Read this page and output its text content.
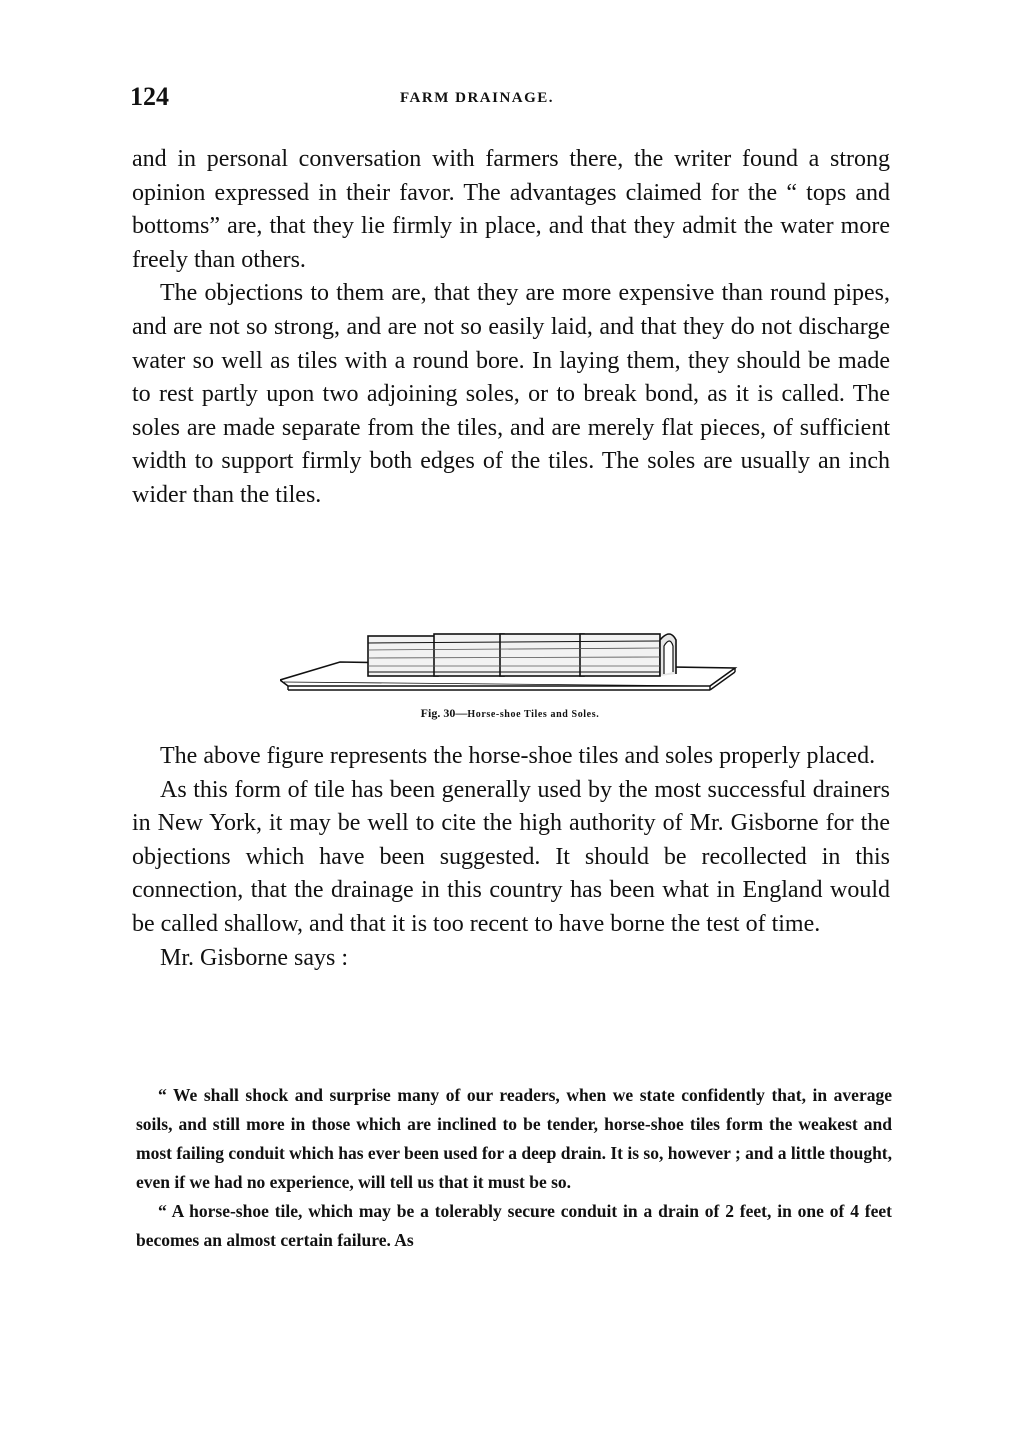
124	FARM DRAINAGE.

and in personal conversation with farmers there, the writer found a strong opinion expressed in their favor. The advantages claimed for the “ tops and bottoms” are, that they lie firmly in place, and that they admit the water more freely than others.

The objections to them are, that they are more expensive than round pipes, and are not so strong, and are not so easily laid, and that they do not discharge water so well as tiles with a round bore. In laying them, they should be made to rest partly upon two adjoining soles, or to break bond, as it is called. The soles are made separate from the tiles, and are merely flat pieces, of sufficient width to support firmly both edges of the tiles. The soles are usually an inch wider than the tiles.

Fig. 30—Horse-shoe Tiles and Soles.

The above figure represents the horse-shoe tiles and soles properly placed.

As this form of tile has been generally used by the most successful drainers in New York, it may be well to cite the high authority of Mr. Gisborne for the objections which have been suggested. It should be recollected in this connection, that the drainage in this country has been what in England would be called shallow, and that it is too recent to have borne the test of time.

Mr. Gisborne says :

“ We shall shock and surprise many of our readers, when we state confidently that, in average soils, and still more in those which are inclined to be tender, horse-shoe tiles form the weakest and most failing conduit which has ever been used for a deep drain. It is so, however ; and a little thought, even if we had no experience, will tell us that it must be so.

“ A horse-shoe tile, which may be a tolerably secure conduit in a drain of 2 feet, in one of 4 feet becomes an almost certain failure. As
